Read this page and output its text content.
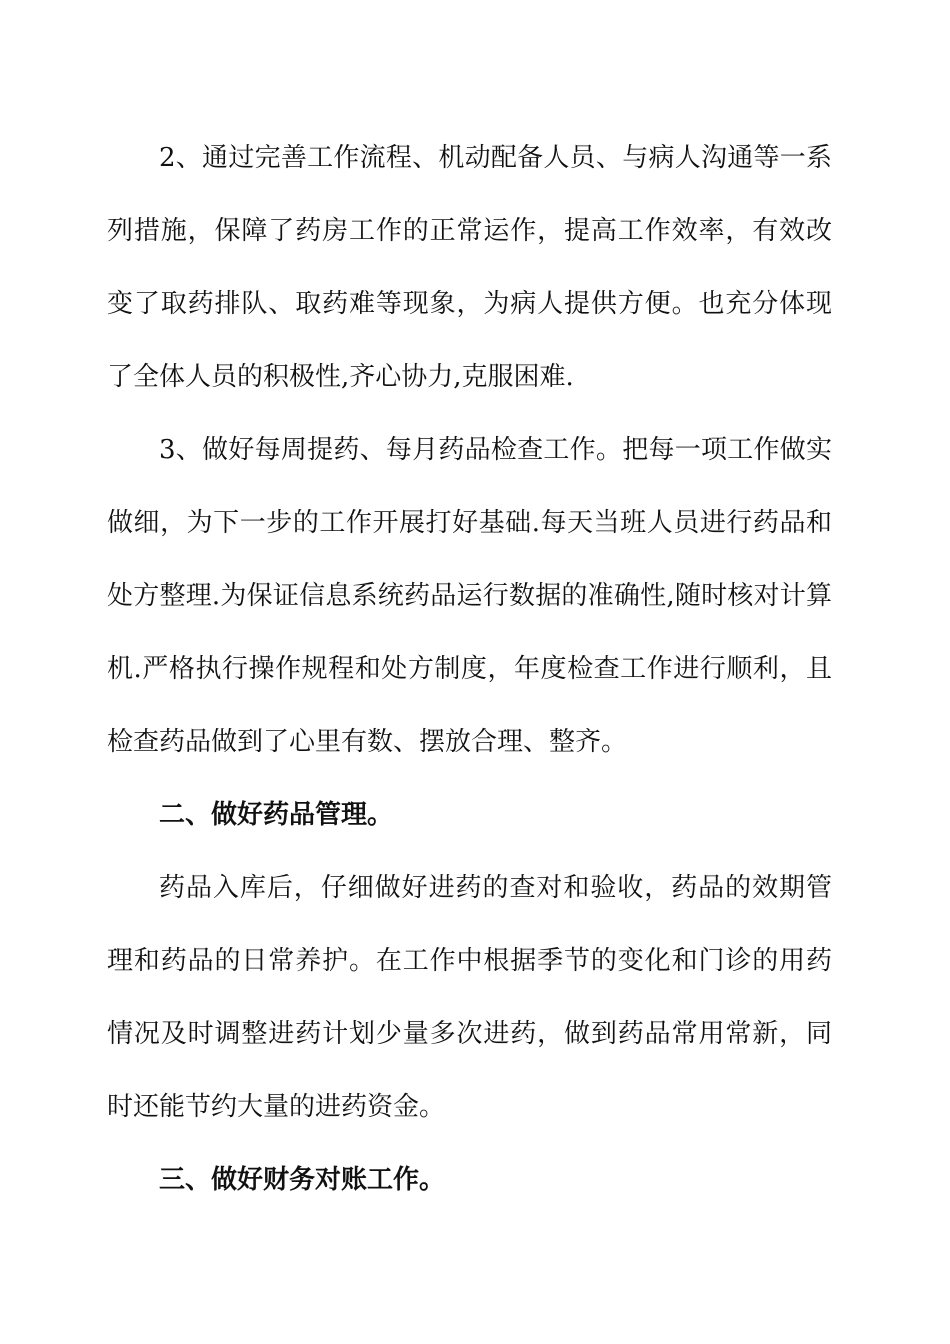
2、通过完善工作流程、机动配备人员、与病人沟通等一系列措施，保障了药房工作的正常运作，提高工作效率，有效改变了取药排队、取药难等现象，为病人提供方便。也充分体现了全体人员的积极性,齐心协力,克服困难.

3、做好每周提药、每月药品检查工作。把每一项工作做实做细，为下一步的工作开展打好基础.每天当班人员进行药品和处方整理.为保证信息系统药品运行数据的准确性,随时核对计算机.严格执行操作规程和处方制度，年度检查工作进行顺利，且检查药品做到了心里有数、摆放合理、整齐。

二、做好药品管理。

药品入库后，仔细做好进药的查对和验收，药品的效期管理和药品的日常养护。在工作中根据季节的变化和门诊的用药情况及时调整进药计划少量多次进药，做到药品常用常新，同时还能节约大量的进药资金。

三、做好财务对账工作。
